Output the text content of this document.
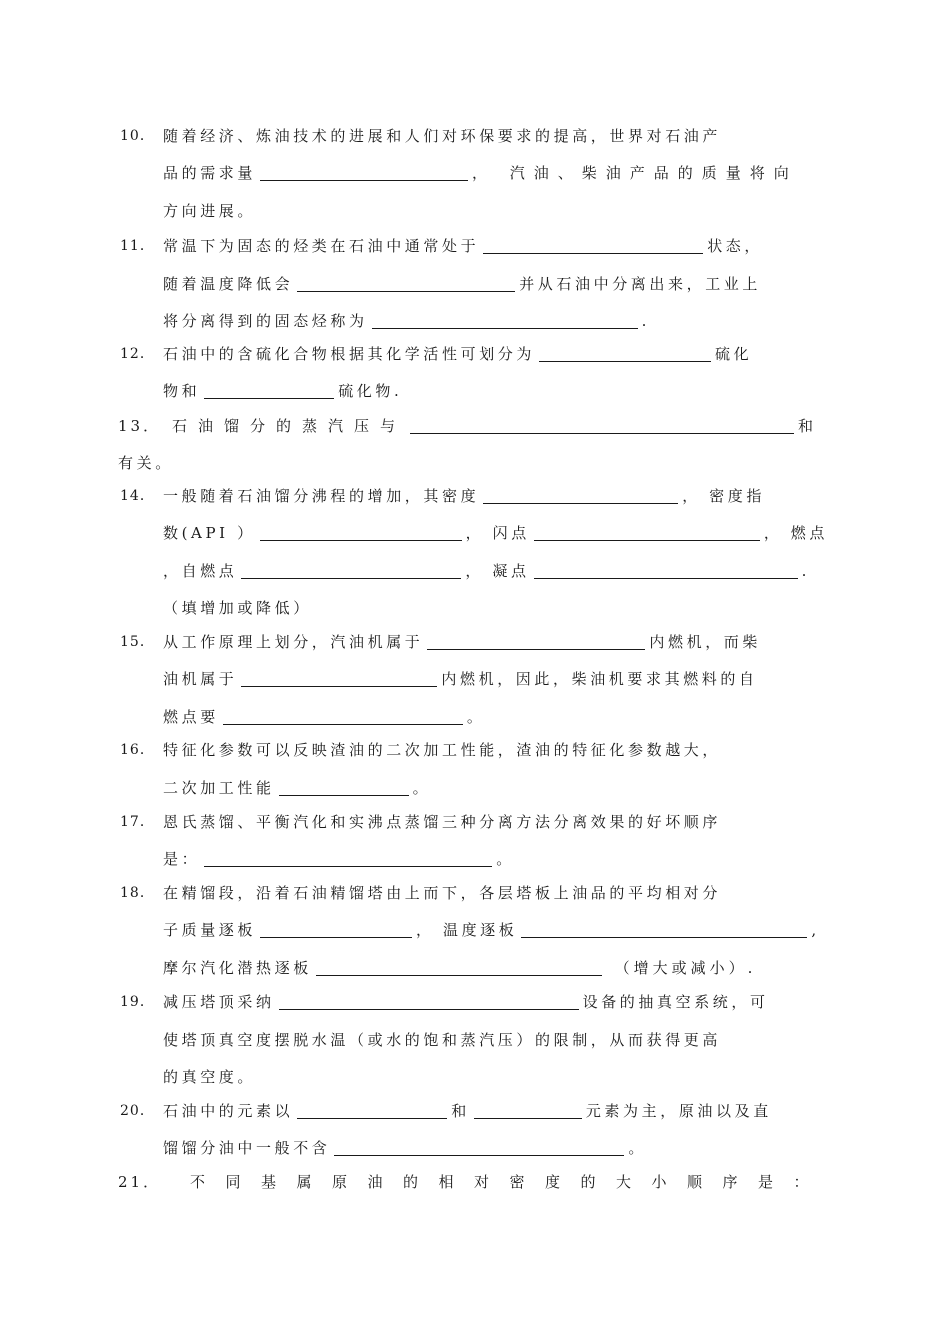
10． 随着经济、炼油技术的进展和人们对环保要求的提高，世界对石油产
品的需求量	， 汽油、柴油产品的质量将向
方向进展。
11． 常温下为固态的烃类在石油中通常处于	状态，
随着温度降低会	并从石油中分离出来，工业上
将分离得到的固态烃称为	.
12． 石油中的含硫化合物根据其化学活性可划分为	硫化
物和	硫化物.
13． 石油馏分的蒸汽压与	和
有关。
14． 一般随着石油馏分沸程的增加，其密度	， 密度指
数(API ）	， 闪点	， 燃点
，自燃点	， 凝点	.
（填增加或降低）
15． 从工作原理上划分，汽油机属于	内燃机，而柴
油机属于	内燃机，因此，柴油机要求其燃料的自
燃点要	。
16． 特征化参数可以反映渣油的二次加工性能，渣油的特征化参数越大，
二次加工性能	。
17． 恩氏蒸馏、平衡汽化和实沸点蒸馏三种分离方法分离效果的好坏顺序
是：	。
18． 在精馏段，沿着石油精馏塔由上而下，各层塔板上油品的平均相对分
子质量逐板	， 温度逐板	,
摩尔汽化潜热逐板	（增大或减小）.
19． 减压塔顶采纳	设备的抽真空系统，可
使塔顶真空度摆脱水温（或水的饱和蒸汽压）的限制，从而获得更高
的真空度。
20． 石油中的元素以	和	元素为主，原油以及直
馏馏分油中一般不含	。
21． 不同基属原油的相对密度的大小顺序是：
